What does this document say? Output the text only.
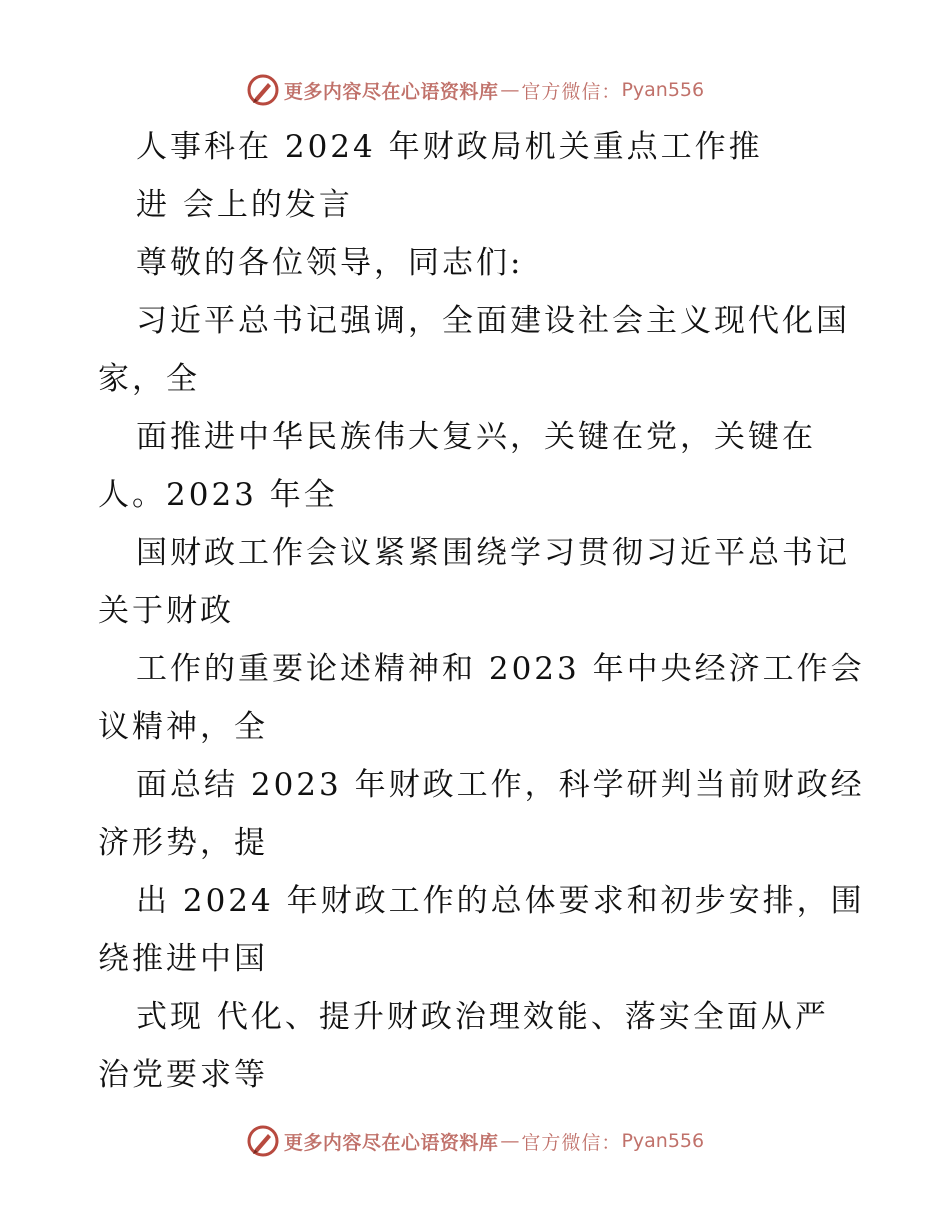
更多内容尽在心语资料库 — 官方微信： Pyan556
人事科在 2024 年财政局机关重点工作推
进 会上的发言
尊敬的各位领导，同志们:
习近平总书记强调，全面建设社会主义现代化国
家，全
面推进中华民族伟大复兴，关键在党，关键在
人。2023 年全
国财政工作会议紧紧围绕学习贯彻习近平总书记
关于财政
工作的重要论述精神和 2023 年中央经济工作会
议精神，全
面总结 2023 年财政工作，科学研判当前财政经
济形势，提
出 2024 年财政工作的总体要求和初步安排，围
绕推进中国
式现 代化、提升财政治理效能、落实全面从严
治党要求等
更多内容尽在心语资料库 — 官方微信： Pyan556
